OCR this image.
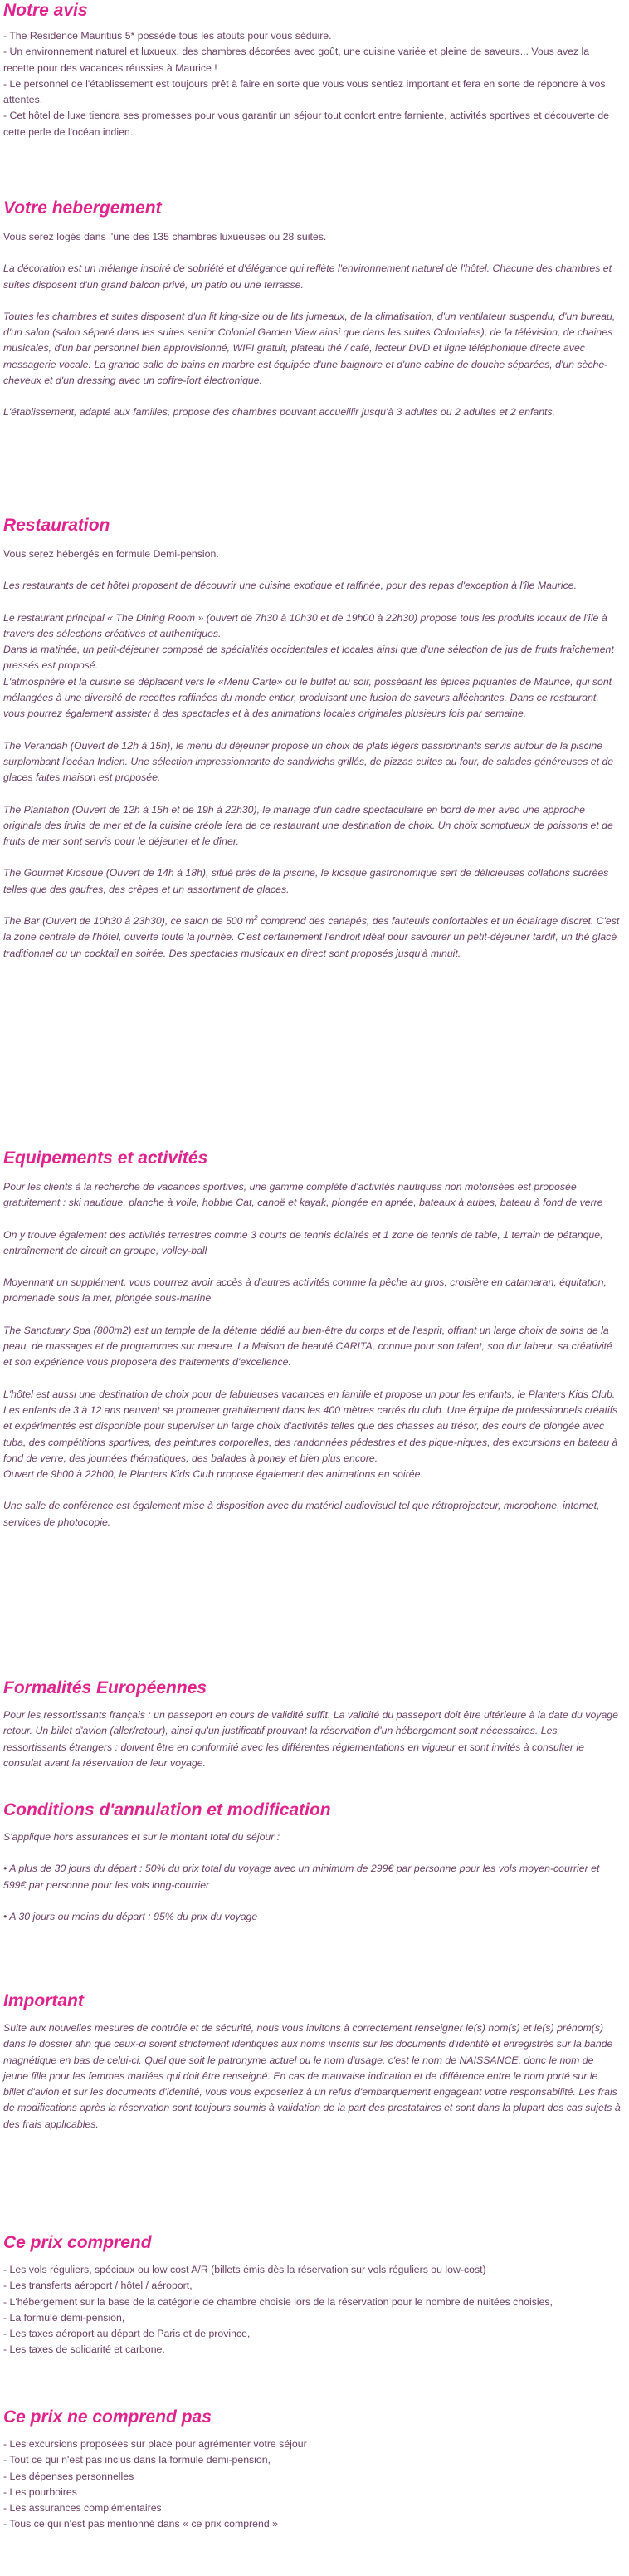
Notre avis

- The Residence Mauritius 5* possède tous les atouts pour vous séduire.

- Un environnement naturel et luxueux, des chambres décorées avec goût, une cuisine variée et pleine de saveurs... Vous avez la recette pour des vacances réussies à Maurice !

- Le personnel de l'établissement est toujours prêt à faire en sorte que vous vous sentiez important et fera en sorte de répondre à vos attentes.

- Cet hôtel de luxe tiendra ses promesses pour vous garantir un séjour tout confort entre farniente, activités sportives et découverte de cette perle de l'océan indien.

Votre hebergement

Vous serez logés dans l'une des 135 chambres luxueuses ou 28 suites.

La décoration est un mélange inspiré de sobriété et d'élégance qui reflète l'environnement naturel de l'hôtel. Chacune des chambres et suites disposent d'un grand balcon privé, un patio ou une terrasse.

Toutes les chambres et suites disposent d'un lit king-size ou de lits jumeaux, de la climatisation, d'un ventilateur suspendu, d'un bureau, d'un salon (salon séparé dans les suites senior Colonial Garden View ainsi que dans les suites Coloniales), de la télévision, de chaines musicales, d'un bar personnel bien approvisionné, WIFI gratuit, plateau thé / café, lecteur DVD et ligne téléphonique directe avec messagerie vocale. La grande salle de bains en marbre est équipée d'une baignoire et d'une cabine de douche séparées, d'un sèche-cheveux et d'un dressing avec un coffre-fort électronique.

L'établissement, adapté aux familles, propose des chambres pouvant accueillir jusqu'à 3 adultes ou 2 adultes et 2 enfants.

Restauration

Vous serez hébergés en formule Demi-pension.

Les restaurants de cet hôtel proposent de découvrir une cuisine exotique et raffinée, pour des repas d'exception à l'île Maurice.

Le restaurant principal « The Dining Room » (ouvert de 7h30 à 10h30 et de 19h00 à 22h30) propose tous les produits locaux de l'île à travers des sélections créatives et authentiques.

Dans la matinée, un petit-déjeuner composé de spécialités occidentales et locales ainsi que d'une sélection de jus de fruits fraîchement pressés est proposé.

L'atmosphère et la cuisine se déplacent vers le «Menu Carte» ou le buffet du soir, possédant les épices piquantes de Maurice, qui sont mélangées à une diversité de recettes raffinées du monde entier, produisant une fusion de saveurs alléchantes. Dans ce restaurant, vous pourrez également assister à des spectacles et à des animations locales originales plusieurs fois par semaine.

The Verandah (Ouvert de 12h à 15h), le menu du déjeuner propose un choix de plats légers passionnants servis autour de la piscine surplombant l'océan Indien. Une sélection impressionnante de sandwichs grillés, de pizzas cuites au four, de salades généreuses et de glaces faites maison est proposée.

The Plantation (Ouvert de 12h à 15h et de 19h à 22h30), le mariage d'un cadre spectaculaire en bord de mer avec une approche originale des fruits de mer et de la cuisine créole fera de ce restaurant une destination de choix. Un choix somptueux de poissons et de fruits de mer sont servis pour le déjeuner et le dîner.

The Gourmet Kiosque (Ouvert de 14h à 18h), situé près de la piscine, le kiosque gastronomique sert de délicieuses collations sucrées telles que des gaufres, des crêpes et un assortiment de glaces.

The Bar (Ouvert de 10h30 à 23h30), ce salon de 500 $m^2$ comprend des canapés, des fauteuils confortables et un éclairage discret. C'est la zone centrale de l'hôtel, ouverte toute la journée. C'est certainement l'endroit idéal pour savourer un petit-déjeuner tardif, un thé glacé traditionnel ou un cocktail en soirée. Des spectacles musicaux en direct sont proposés jusqu'à minuit.

Equipements et activités

Pour les clients à la recherche de vacances sportives, une gamme complète d'activités nautiques non motorisées est proposée gratuitement : ski nautique, planche à voile, hobbie Cat, canoë et kayak, plongée en apnée, bateaux à aubes, bateau à fond de verre

On y trouve également des activités terrestres comme 3 courts de tennis éclairés et 1 zone de tennis de table, 1 terrain de pétanque, entraînement de circuit en groupe, volley-ball

Moyennant un supplément, vous pourrez avoir accès à d'autres activités comme la pêche au gros, croisière en catamaran, équitation, promenade sous la mer, plongée sous-marine

The Sanctuary Spa (800m2) est un temple de la détente dédié au bien-être du corps et de l'esprit, offrant un large choix de soins de la peau, de massages et de programmes sur mesure. La Maison de beauté CARITA, connue pour son talent, son dur labeur, sa créativité et son expérience vous proposera des traitements d'excellence.

L'hôtel est aussi une destination de choix pour de fabuleuses vacances en famille et propose un pour les enfants, le Planters Kids Club. Les enfants de 3 à 12 ans peuvent se promener gratuitement dans les 400 mètres carrés du club. Une équipe de professionnels créatifs et expérimentés est disponible pour superviser un large choix d'activités telles que des chasses au trésor, des cours de plongée avec tuba, des compétitions sportives, des peintures corporelles, des randonnées pédestres et des pique-niques, des excursions en bateau à fond de verre, des journées thématiques, des balades à poney et bien plus encore.

Ouvert de 9h00 à 22h00, le Planters Kids Club propose également des animations en soirée.

Une salle de conférence est également mise à disposition avec du matériel audiovisuel tel que rétroprojecteur, microphone, internet, services de photocopie.

Formalités Européennes

Pour les ressortissants français : un passeport en cours de validité suffit. La validité du passeport doit être ultérieure à la date du voyage retour. Un billet d'avion (aller/retour), ainsi qu'un justificatif prouvant la réservation d'un hébergement sont nécessaires. Les ressortissants étrangers : doivent être en conformité avec les différentes réglementations en vigueur et sont invités à consulter le consulat avant la réservation de leur voyage.

Conditions d'annulation et modification

S'applique hors assurances et sur le montant total du séjour :

• A plus de 30 jours du départ : 50% du prix total du voyage avec un minimum de 299€ par personne pour les vols moyen-courrier et 599€ par personne pour les vols long-courrier

• A 30 jours ou moins du départ : 95% du prix du voyage

Important

Suite aux nouvelles mesures de contrôle et de sécurité, nous vous invitons à correctement renseigner le(s) nom(s) et le(s) prénom(s) dans le dossier afin que ceux-ci soient strictement identiques aux noms inscrits sur les documents d'identité et enregistrés sur la bande magnétique en bas de celui-ci. Quel que soit le patronyme actuel ou le nom d'usage, c'est le nom de NAISSANCE, donc le nom de jeune fille pour les femmes mariées qui doit être renseigné. En cas de mauvaise indication et de différence entre le nom porté sur le billet d'avion et sur les documents d'identité, vous vous exposeriez à un refus d'embarquement engageant votre responsabilité. Les frais de modifications après la réservation sont toujours soumis à validation de la part des prestataires et sont dans la plupart des cas sujets à des frais applicables.

Ce prix comprend

- Les vols réguliers, spéciaux ou low cost A/R (billets émis dès la réservation sur vols réguliers ou low-cost)

- Les transferts aéroport / hôtel / aéroport,

- L'hébergement sur la base de la catégorie de chambre choisie lors de la réservation pour le nombre de nuitées choisies,

- La formule demi-pension,

- Les taxes aéroport au départ de Paris et de province,

- Les taxes de solidarité et carbone.

Ce prix ne comprend pas

- Les excursions proposées sur place pour agrémenter votre séjour

- Tout ce qui n'est pas inclus dans la formule demi-pension,

- Les dépenses personnelles

- Les pourboires

- Les assurances complémentaires

- Tous ce qui n'est pas mentionné dans « ce prix comprend »
